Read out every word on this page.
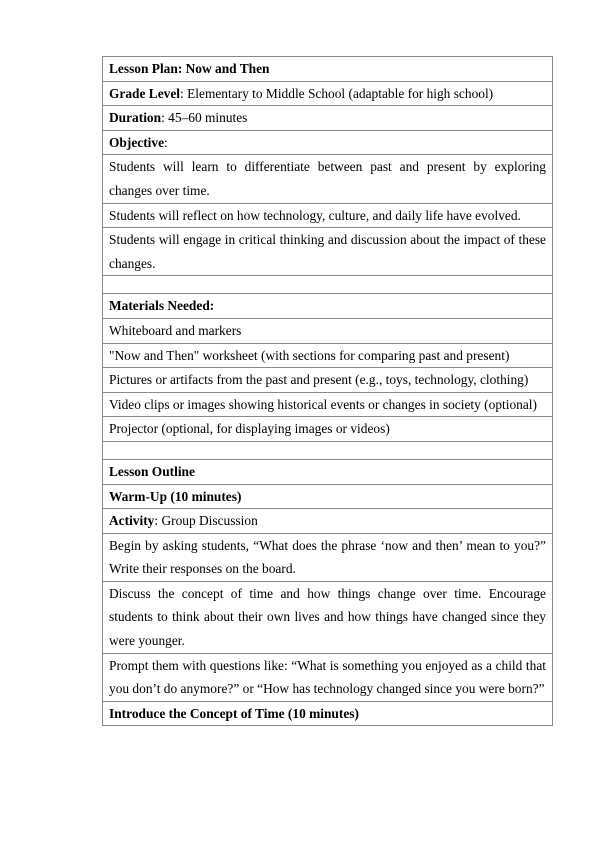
Lesson Plan: Now and Then
Grade Level: Elementary to Middle School (adaptable for high school)
Duration: 45–60 minutes
Objective:
Students will learn to differentiate between past and present by exploring changes over time.
Students will reflect on how technology, culture, and daily life have evolved.
Students will engage in critical thinking and discussion about the impact of these changes.

Materials Needed:
Whiteboard and markers
"Now and Then" worksheet (with sections for comparing past and present)
Pictures or artifacts from the past and present (e.g., toys, technology, clothing)
Video clips or images showing historical events or changes in society (optional)
Projector (optional, for displaying images or videos)

Lesson Outline
Warm-Up (10 minutes)
Activity: Group Discussion
Begin by asking students, “What does the phrase ‘now and then’ mean to you?” Write their responses on the board.
Discuss the concept of time and how things change over time. Encourage students to think about their own lives and how things have changed since they were younger.
Prompt them with questions like: “What is something you enjoyed as a child that you don’t do anymore?” or “How has technology changed since you were born?”
Introduce the Concept of Time (10 minutes)
